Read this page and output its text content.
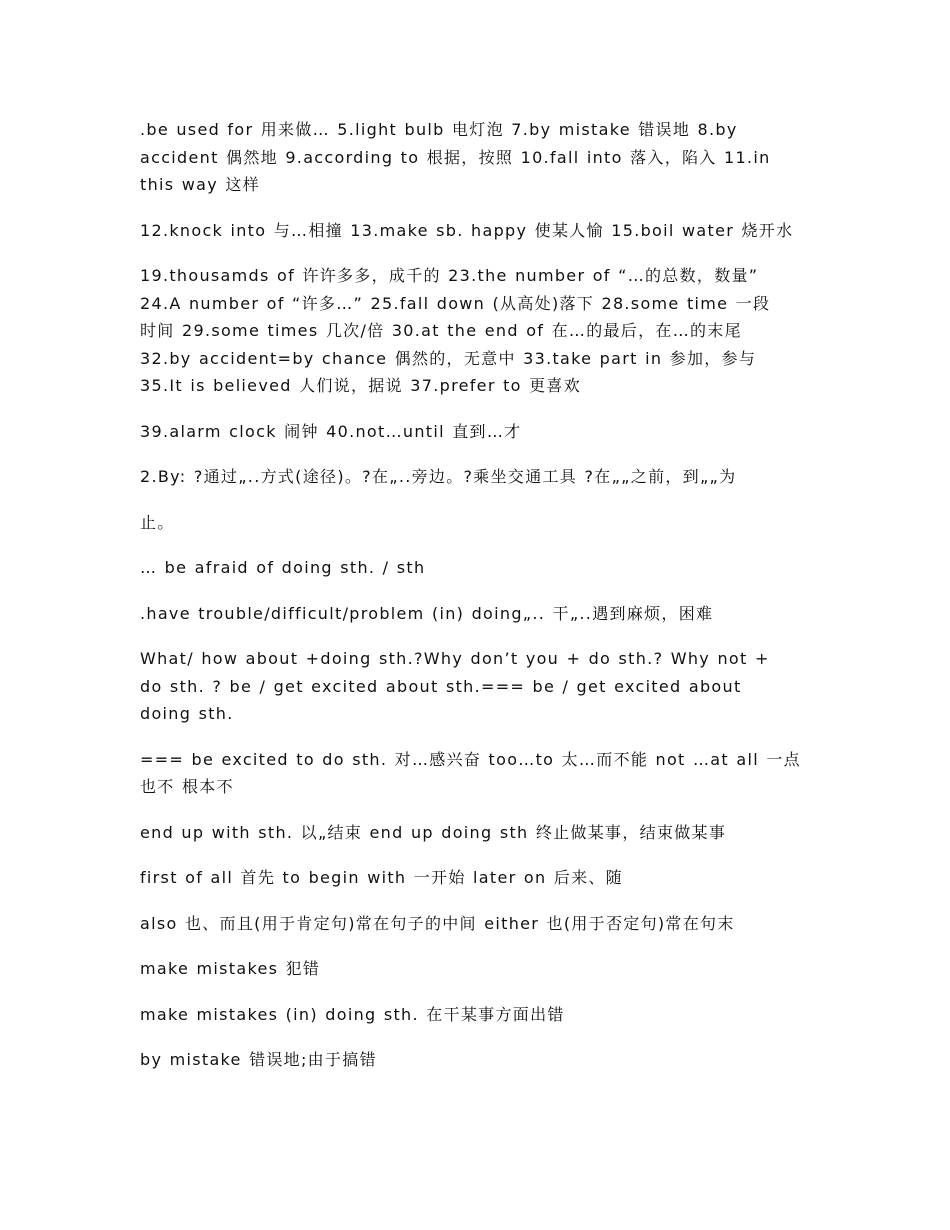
.be used for 用来做… 5.light bulb 电灯泡 7.by mistake 错误地 8.by
accident 偶然地 9.according to 根据，按照 10.fall into 落入，陷入 11.in
this way 这样

12.knock into 与…相撞 13.make sb. happy 使某人愉 15.boil water 烧开水

19.thousamds of 许许多多，成千的 23.the number of “…的总数，数量”
24.A number of “许多…” 25.fall down (从高处)落下 28.some time 一段
时间 29.some times 几次/倍 30.at the end of 在…的最后，在…的末尾
32.by accident=by chance 偶然的，无意中 33.take part in 参加，参与
35.It is believed 人们说，据说 37.prefer to 更喜欢

39.alarm clock 闹钟 40.not…until 直到…才

2.By: ?通过„..方式(途径)。?在„..旁边。?乘坐交通工具 ?在„„之前，到„„为

止。

… be afraid of doing sth. / sth

.have trouble/difficult/problem (in) doing„.. 干„..遇到麻烦，困难

What/ how about +doing sth.?Why don’t you + do sth.? Why not +
do sth. ? be / get excited about sth.=== be / get excited about
doing sth.

=== be excited to do sth. 对…感兴奋 too…to 太…而不能 not …at all 一点
也不 根本不

end up with sth. 以„结束 end up doing sth 终止做某事，结束做某事

first of all 首先 to begin with 一开始 later on 后来、随

also 也、而且(用于肯定句)常在句子的中间 either 也(用于否定句)常在句末

make mistakes 犯错

make mistakes (in) doing sth. 在干某事方面出错

by mistake 错误地;由于搞错
